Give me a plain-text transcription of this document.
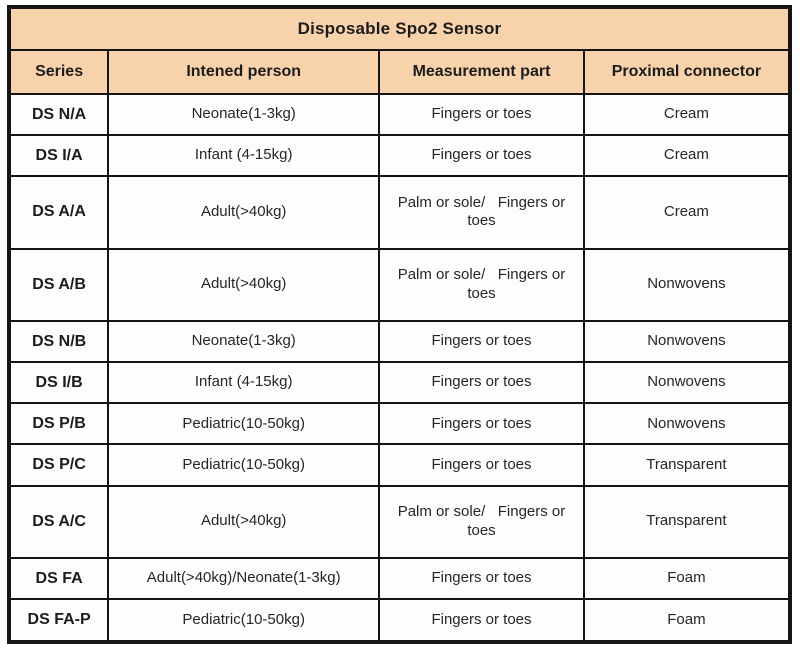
Disposable Spo2 Sensor			
Series	Intened person	Measurement part	Proximal connector
DS N/A	Neonate(1-3kg)	Fingers or toes	Cream
DS I/A	Infant (4-15kg)	Fingers or toes	Cream
DS A/A	Adult(>40kg)	Palm or sole/   Fingers or toes	Cream
DS A/B	Adult(>40kg)	Palm or sole/   Fingers or toes	Nonwovens
DS N/B	Neonate(1-3kg)	Fingers or toes	Nonwovens
DS I/B	Infant (4-15kg)	Fingers or toes	Nonwovens
DS P/B	Pediatric(10-50kg)	Fingers or toes	Nonwovens
DS P/C	Pediatric(10-50kg)	Fingers or toes	Transparent
DS A/C	Adult(>40kg)	Palm or sole/   Fingers or toes	Transparent
DS FA	Adult(>40kg)/Neonate(1-3kg)	Fingers or toes	Foam
DS FA-P	Pediatric(10-50kg)	Fingers or toes	Foam
